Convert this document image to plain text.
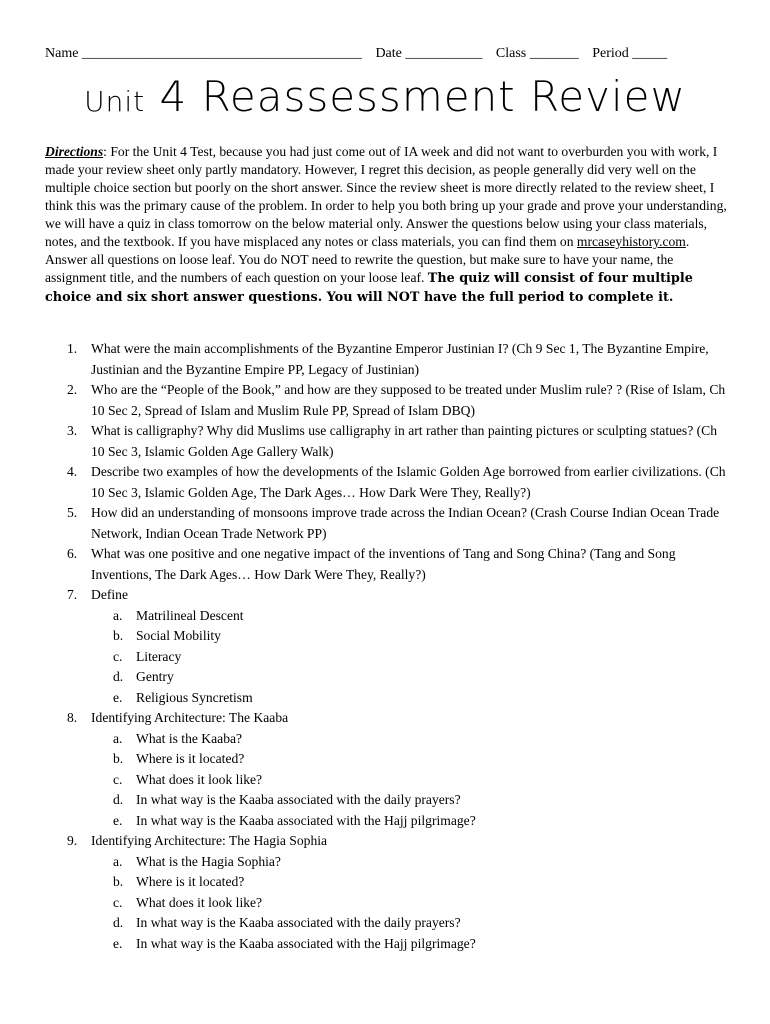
Name ________________________________________ Date ___________ Class _______ Period _____
Unit 4 Reassessment Review
Directions: For the Unit 4 Test, because you had just come out of IA week and did not want to overburden you with work, I made your review sheet only partly mandatory. However, I regret this decision, as people generally did very well on the multiple choice section but poorly on the short answer. Since the review sheet is more directly related to the review sheet, I think this was the primary cause of the problem. In order to help you both bring up your grade and prove your understanding, we will have a quiz in class tomorrow on the below material only. Answer the questions below using your class materials, notes, and the textbook. If you have misplaced any notes or class materials, you can find them on mrcaseyhistory.com. Answer all questions on loose leaf. You do NOT need to rewrite the question, but make sure to have your name, the assignment title, and the numbers of each question on your loose leaf. The quiz will consist of four multiple choice and six short answer questions. You will NOT have the full period to complete it.
1. What were the main accomplishments of the Byzantine Emperor Justinian I? (Ch 9 Sec 1, The Byzantine Empire, Justinian and the Byzantine Empire PP, Legacy of Justinian)
2. Who are the “People of the Book,” and how are they supposed to be treated under Muslim rule? ? (Rise of Islam, Ch 10 Sec 2, Spread of Islam and Muslim Rule PP, Spread of Islam DBQ)
3. What is calligraphy? Why did Muslims use calligraphy in art rather than painting pictures or sculpting statues? (Ch 10 Sec 3, Islamic Golden Age Gallery Walk)
4. Describe two examples of how the developments of the Islamic Golden Age borrowed from earlier civilizations. (Ch 10 Sec 3, Islamic Golden Age, The Dark Ages… How Dark Were They, Really?)
5. How did an understanding of monsoons improve trade across the Indian Ocean? (Crash Course Indian Ocean Trade Network, Indian Ocean Trade Network PP)
6. What was one positive and one negative impact of the inventions of Tang and Song China? (Tang and Song Inventions, The Dark Ages… How Dark Were They, Really?)
7. Define
a. Matrilineal Descent
b. Social Mobility
c. Literacy
d. Gentry
e. Religious Syncretism
8. Identifying Architecture: The Kaaba
a. What is the Kaaba?
b. Where is it located?
c. What does it look like?
d. In what way is the Kaaba associated with the daily prayers?
e. In what way is the Kaaba associated with the Hajj pilgrimage?
9. Identifying Architecture: The Hagia Sophia
a. What is the Hagia Sophia?
b. Where is it located?
c. What does it look like?
d. In what way is the Kaaba associated with the daily prayers?
e. In what way is the Kaaba associated with the Hajj pilgrimage?
